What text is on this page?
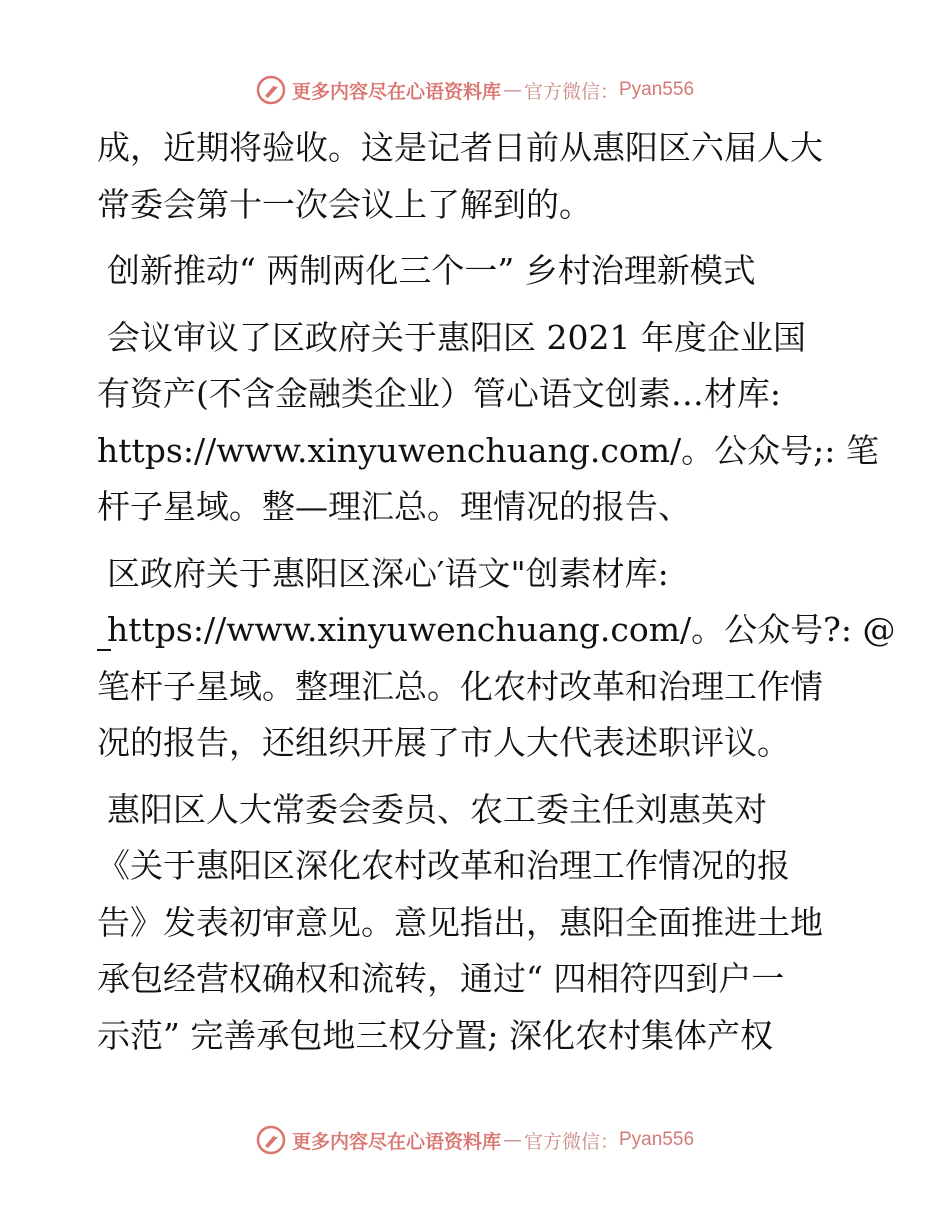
更多内容尽在心语资料库 — 官方微信： Pyan556
成，近期将验收。这是记者日前从惠阳区六届人大
常委会第十一次会议上了解到的。
创新推动“ 两制两化三个一” 乡村治理新模式
会议审议了区政府关于惠阳区 2021 年度企业国
有资产(不含金融类企业）管心语文创素…材库:
https://www.xinyuwenchuang.com/。公众号;: 笔
杆子星域。整—理汇总。理情况的报告、
区政府关于惠阳区深心′语文"创素材库:
https://www.xinyuwenchuang.com/。公众号?: @
笔杆子星域。整理汇总。化农村改革和治理工作情
况的报告，还组织开展了市人大代表述职评议。
惠阳区人大常委会委员、农工委主任刘惠英对
《关于惠阳区深化农村改革和治理工作情况的报
告》发表初审意见。意见指出，惠阳全面推进土地
承包经营权确权和流转，通过“ 四相符四到户一
示范” 完善承包地三权分置; 深化农村集体产权
更多内容尽在心语资料库 — 官方微信： Pyan556
